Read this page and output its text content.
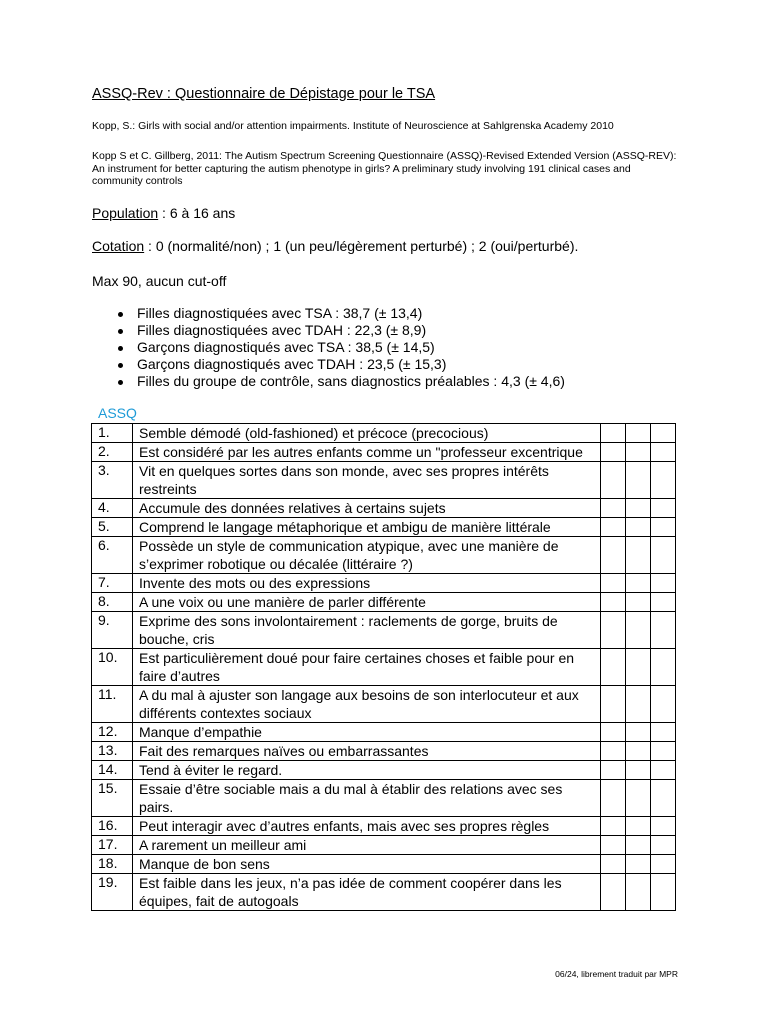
ASSQ-Rev : Questionnaire de Dépistage pour le TSA
Kopp, S.: Girls with social and/or attention impairments. Institute of Neuroscience at Sahlgrenska Academy 2010
Kopp S et C. Gillberg, 2011: The Autism Spectrum Screening Questionnaire (ASSQ)-Revised Extended Version (ASSQ-REV): An instrument for better capturing the autism phenotype in girls? A preliminary study involving 191 clinical cases and community controls
Population : 6 à 16 ans
Cotation : 0 (normalité/non) ; 1 (un peu/légèrement perturbé) ; 2 (oui/perturbé).
Max 90, aucun cut-off
Filles diagnostiquées avec TSA : 38,7 (± 13,4)
Filles diagnostiquées avec TDAH : 22,3 (± 8,9)
Garçons diagnostiqués avec TSA : 38,5 (± 14,5)
Garçons diagnostiqués avec TDAH : 23,5 (± 15,3)
Filles du groupe de contrôle, sans diagnostics préalables : 4,3 (± 4,6)
ASSQ
1.	Semble démodé (old-fashioned) et précoce (precocious)			
2.	Est considéré par les autres enfants comme un "professeur excentrique			
3.	Vit en quelques sortes dans son monde, avec ses propres intérêts restreints			
4.	Accumule des données relatives à certains sujets			
5.	Comprend le langage métaphorique et ambigu de manière littérale			
6.	Possède un style de communication atypique, avec une manière de s’exprimer robotique ou décalée (littéraire ?)			
7.	Invente des mots ou des expressions			
8.	A une voix ou une manière de parler différente			
9.	Exprime des sons involontairement : raclements de gorge, bruits de bouche, cris			
10.	Est particulièrement doué pour faire certaines choses et faible pour en faire d’autres			
11.	A du mal à ajuster son langage aux besoins de son interlocuteur et aux différents contextes sociaux			
12.	Manque d’empathie			
13.	Fait des remarques naïves ou embarrassantes			
14.	Tend à éviter le regard.			
15.	Essaie d’être sociable mais a du mal à établir des relations avec ses pairs.			
16.	Peut interagir avec d’autres enfants, mais avec ses propres règles			
17.	A rarement un meilleur ami			
18.	Manque de bon sens			
19.	Est faible dans les jeux, n’a pas idée de comment coopérer dans les équipes, fait de autogoals			
06/24, librement traduit par MPR
